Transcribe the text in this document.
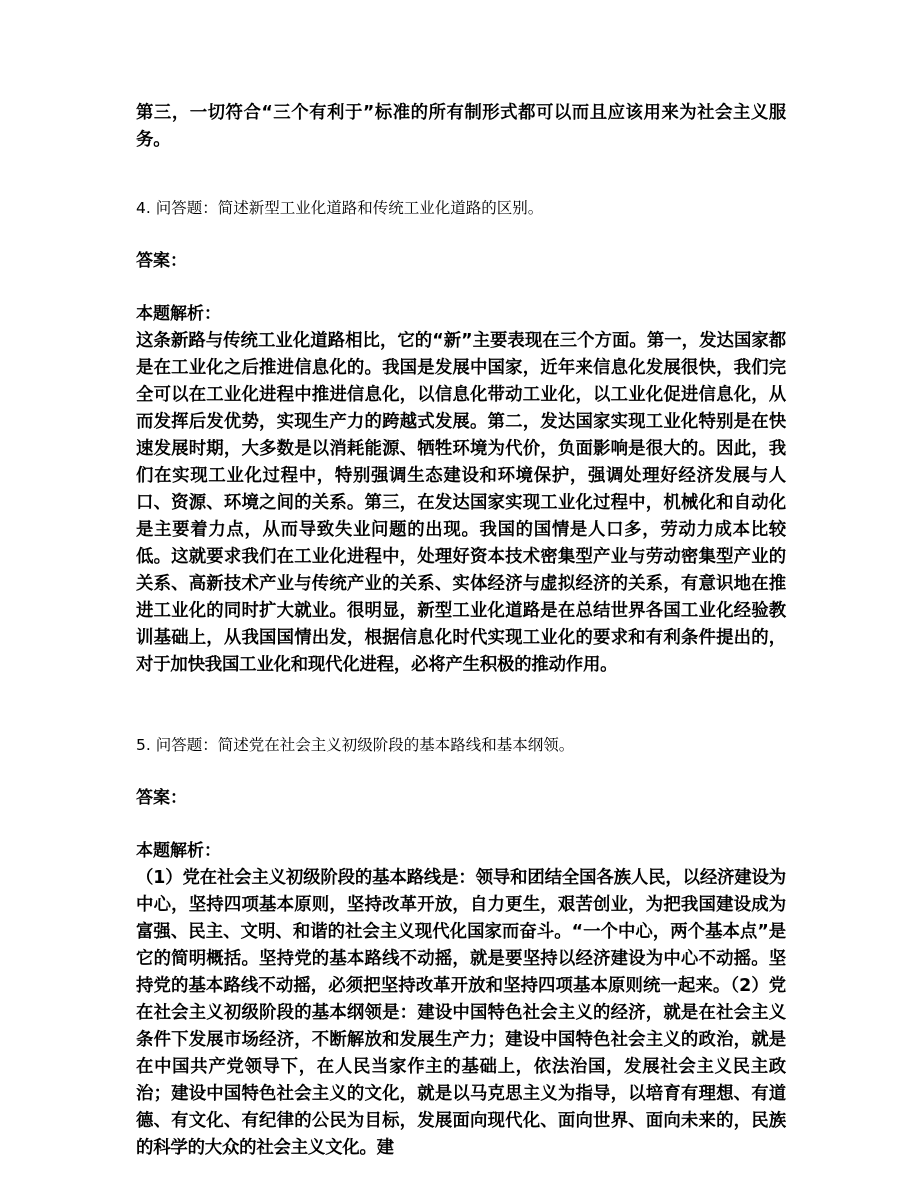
第三，一切符合“三个有利于”标准的所有制形式都可以而且应该用来为社会主义服务。

4. 问答题：简述新型工业化道路和传统工业化道路的区别。

答案：

本题解析：

这条新路与传统工业化道路相比，它的“新”主要表现在三个方面。第一，发达国家都是在工业化之后推进信息化的。我国是发展中国家，近年来信息化发展很快，我们完全可以在工业化进程中推进信息化，以信息化带动工业化，以工业化促进信息化，从而发挥后发优势，实现生产力的跨越式发展。第二，发达国家实现工业化特别是在快速发展时期，大多数是以消耗能源、牺牲环境为代价，负面影响是很大的。因此，我们在实现工业化过程中，特别强调生态建设和环境保护，强调处理好经济发展与人口、资源、环境之间的关系。第三，在发达国家实现工业化过程中，机械化和自动化是主要着力点，从而导致失业问题的出现。我国的国情是人口多，劳动力成本比较低。这就要求我们在工业化进程中，处理好资本技术密集型产业与劳动密集型产业的关系、高新技术产业与传统产业的关系、实体经济与虚拟经济的关系，有意识地在推进工业化的同时扩大就业。很明显，新型工业化道路是在总结世界各国工业化经验教训基础上，从我国国情出发，根据信息化时代实现工业化的要求和有利条件提出的，对于加快我国工业化和现代化进程，必将产生积极的推动作用。

5. 问答题：简述党在社会主义初级阶段的基本路线和基本纲领。

答案：

本题解析：

（1）党在社会主义初级阶段的基本路线是：领导和团结全国各族人民，以经济建设为中心，坚持四项基本原则，坚持改革开放，自力更生，艰苦创业，为把我国建设成为富强、民主、文明、和谐的社会主义现代化国家而奋斗。“一个中心，两个基本点”是它的简明概括。坚持党的基本路线不动摇，就是要坚持以经济建设为中心不动摇。坚持党的基本路线不动摇，必须把坚持改革开放和坚持四项基本原则统一起来。（2）党在社会主义初级阶段的基本纲领是：建设中国特色社会主义的经济，就是在社会主义条件下发展市场经济，不断解放和发展生产力；建设中国特色社会主义的政治，就是在中国共产党领导下，在人民当家作主的基础上，依法治国，发展社会主义民主政治；建设中国特色社会主义的文化，就是以马克思主义为指导，以培育有理想、有道德、有文化、有纪律的公民为目标，发展面向现代化、面向世界、面向未来的，民族的科学的大众的社会主义文化。建
